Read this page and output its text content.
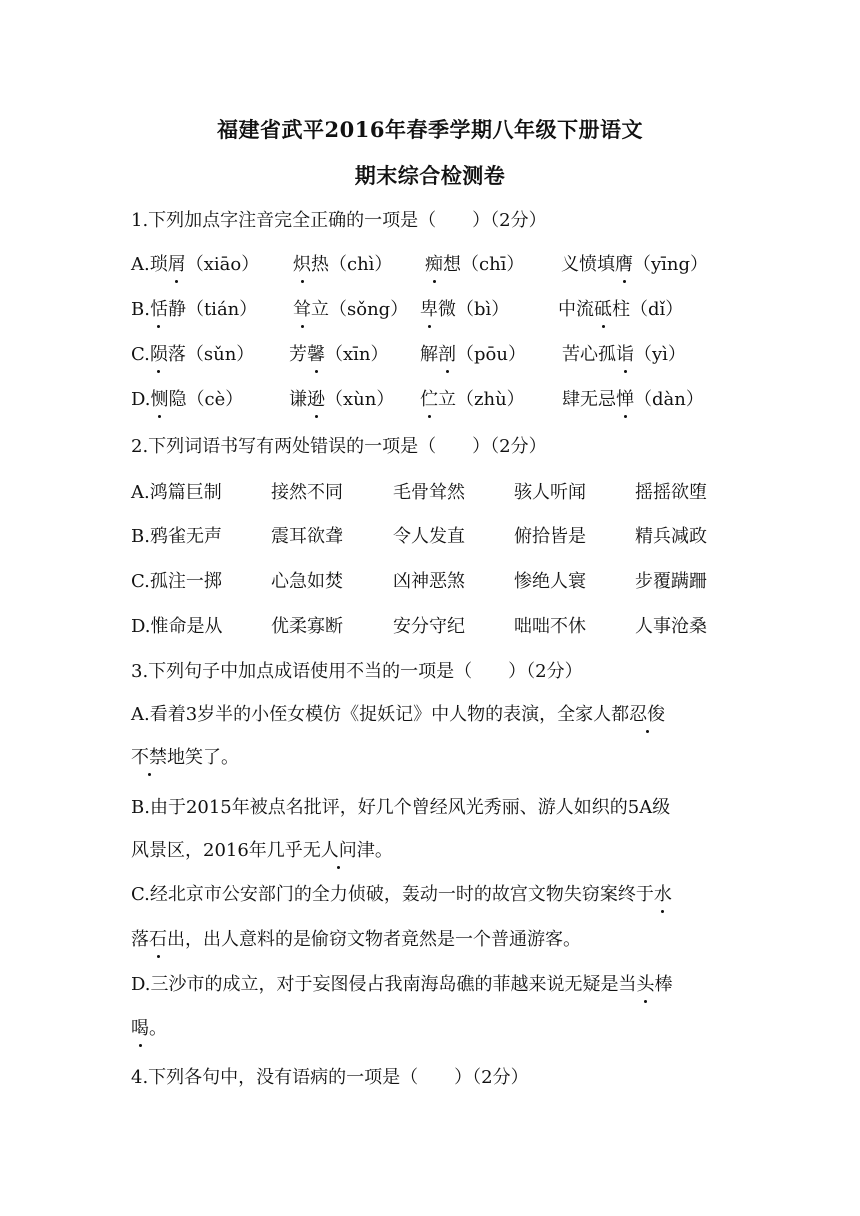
福建省武平2016年春季学期八年级下册语文
期末综合检测卷
1.下列加点字注音完全正确的一项是（　　）（2分）
A.琐屑（xiāo） 炽热（chì） 痴想（chī） 义愤填膺（yīng）
B.恬静（tián） 耸立（sǒng） 卑微（bì）	中流砥柱（dǐ）
C.陨落（sǔn） 芳馨（xīn） 解剖（pōu） 苦心孤诣（yì）
D.恻隐（cè）	谦逊（xùn） 伫立（zhù） 肆无忌惮（dàn）
2.下列词语书写有两处错误的一项是（　　）（2分）
A.鸿篇巨制	接然不同	毛骨耸然	骇人听闻	摇摇欲堕
B.鸦雀无声	震耳欲聋	令人发直	俯拾皆是	精兵减政
C.孤注一掷	心急如焚	凶神恶煞	惨绝人寰	步覆蹒跚
D.惟命是从	优柔寡断	安分守纪	咄咄不休	人事沧桑
3.下列句子中加点成语使用不当的一项是（　　）（2分）
A.看着3岁半的小侄女模仿《捉妖记》中人物的表演，全家人都忍俊
不禁地笑了。
B.由于2015年被点名批评，好几个曾经风光秀丽、游人如织的5A级
风景区，2016年几乎无人问津。
C.经北京市公安部门的全力侦破，轰动一时的故宫文物失窃案终于水
落石出，出人意料的是偷窃文物者竟然是一个普通游客。
D.三沙市的成立，对于妄图侵占我南海岛礁的菲越来说无疑是当头棒
喝。
4.下列各句中，没有语病的一项是（　　）（2分）
